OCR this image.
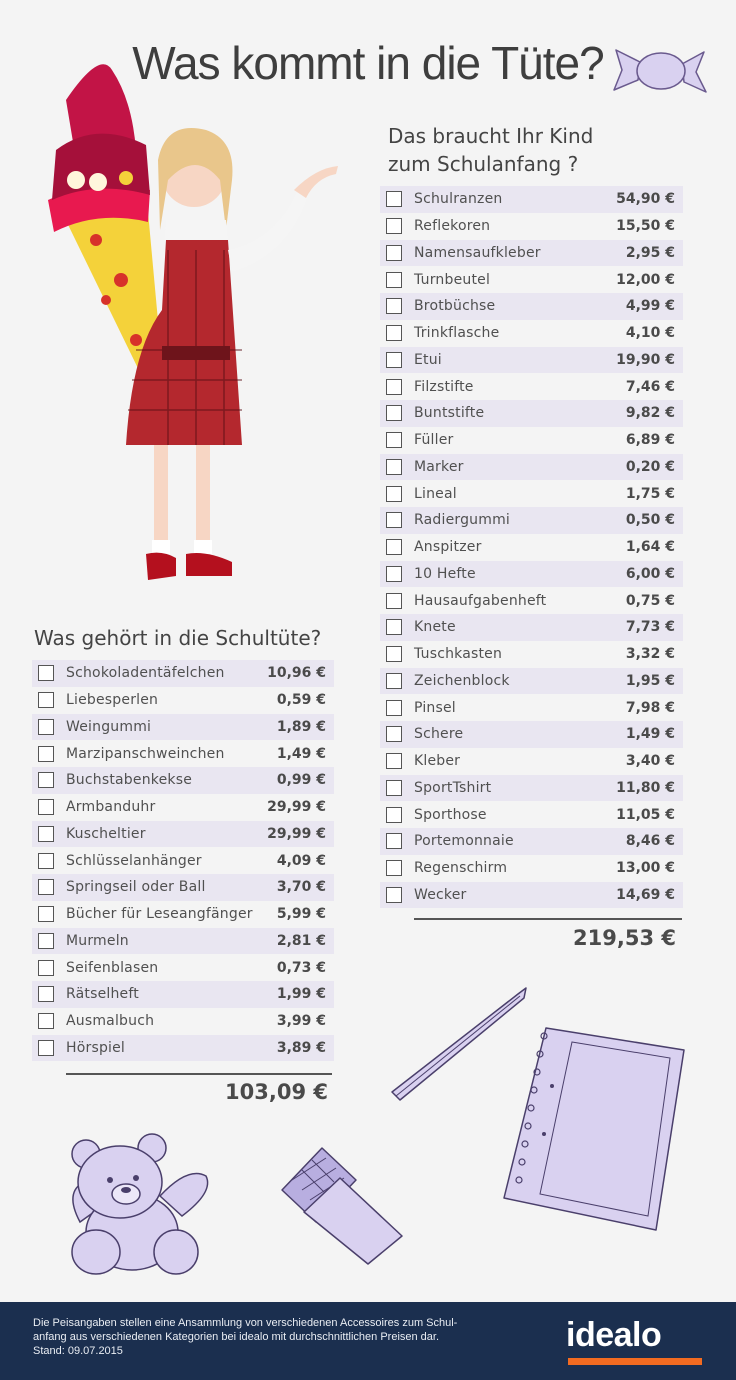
Was kommt in die Tüte?
Das braucht Ihr Kind
zum Schulanfang ?
Schulranzen	54,90 €
Reflekoren	15,50 €
Namensaufkleber	2,95 €
Turnbeutel	12,00 €
Brotbüchse	4,99 €
Trinkflasche	4,10 €
Etui	19,90 €
Filzstifte	7,46 €
Buntstifte	9,82 €
Füller	6,89 €
Marker	0,20 €
Lineal	1,75 €
Radiergummi	0,50 €
Anspitzer	1,64 €
10 Hefte	6,00 €
Hausaufgabenheft	0,75 €
Knete	7,73 €
Tuschkasten	3,32 €
Zeichenblock	1,95 €
Pinsel	7,98 €
Schere	1,49 €
Kleber	3,40 €
SportTshirt	11,80 €
Sporthose	11,05 €
Portemonnaie	8,46 €
Regenschirm	13,00 €
Wecker	14,69 €
219,53 €
Was gehört in die Schultüte?
Schokoladentäfelchen	10,96 €
Liebesperlen	0,59 €
Weingummi	1,89 €
Marzipanschweinchen	1,49 €
Buchstabenkekse	0,99 €
Armbanduhr	29,99 €
Kuscheltier	29,99 €
Schlüsselanhänger	4,09 €
Springseil oder Ball	3,70 €
Bücher für Leseangfänger	5,99 €
Murmeln	2,81 €
Seifenblasen	0,73 €
Rätselheft	1,99 €
Ausmalbuch	3,99 €
Hörspiel	3,89 €
103,09 €
Die Peisangaben stellen eine Ansammlung von verschiedenen Accessoires zum Schul-
anfang aus verschiedenen Kategorien bei idealo mit durchschnittlichen Preisen dar.
Stand: 09.07.2015	idealo
